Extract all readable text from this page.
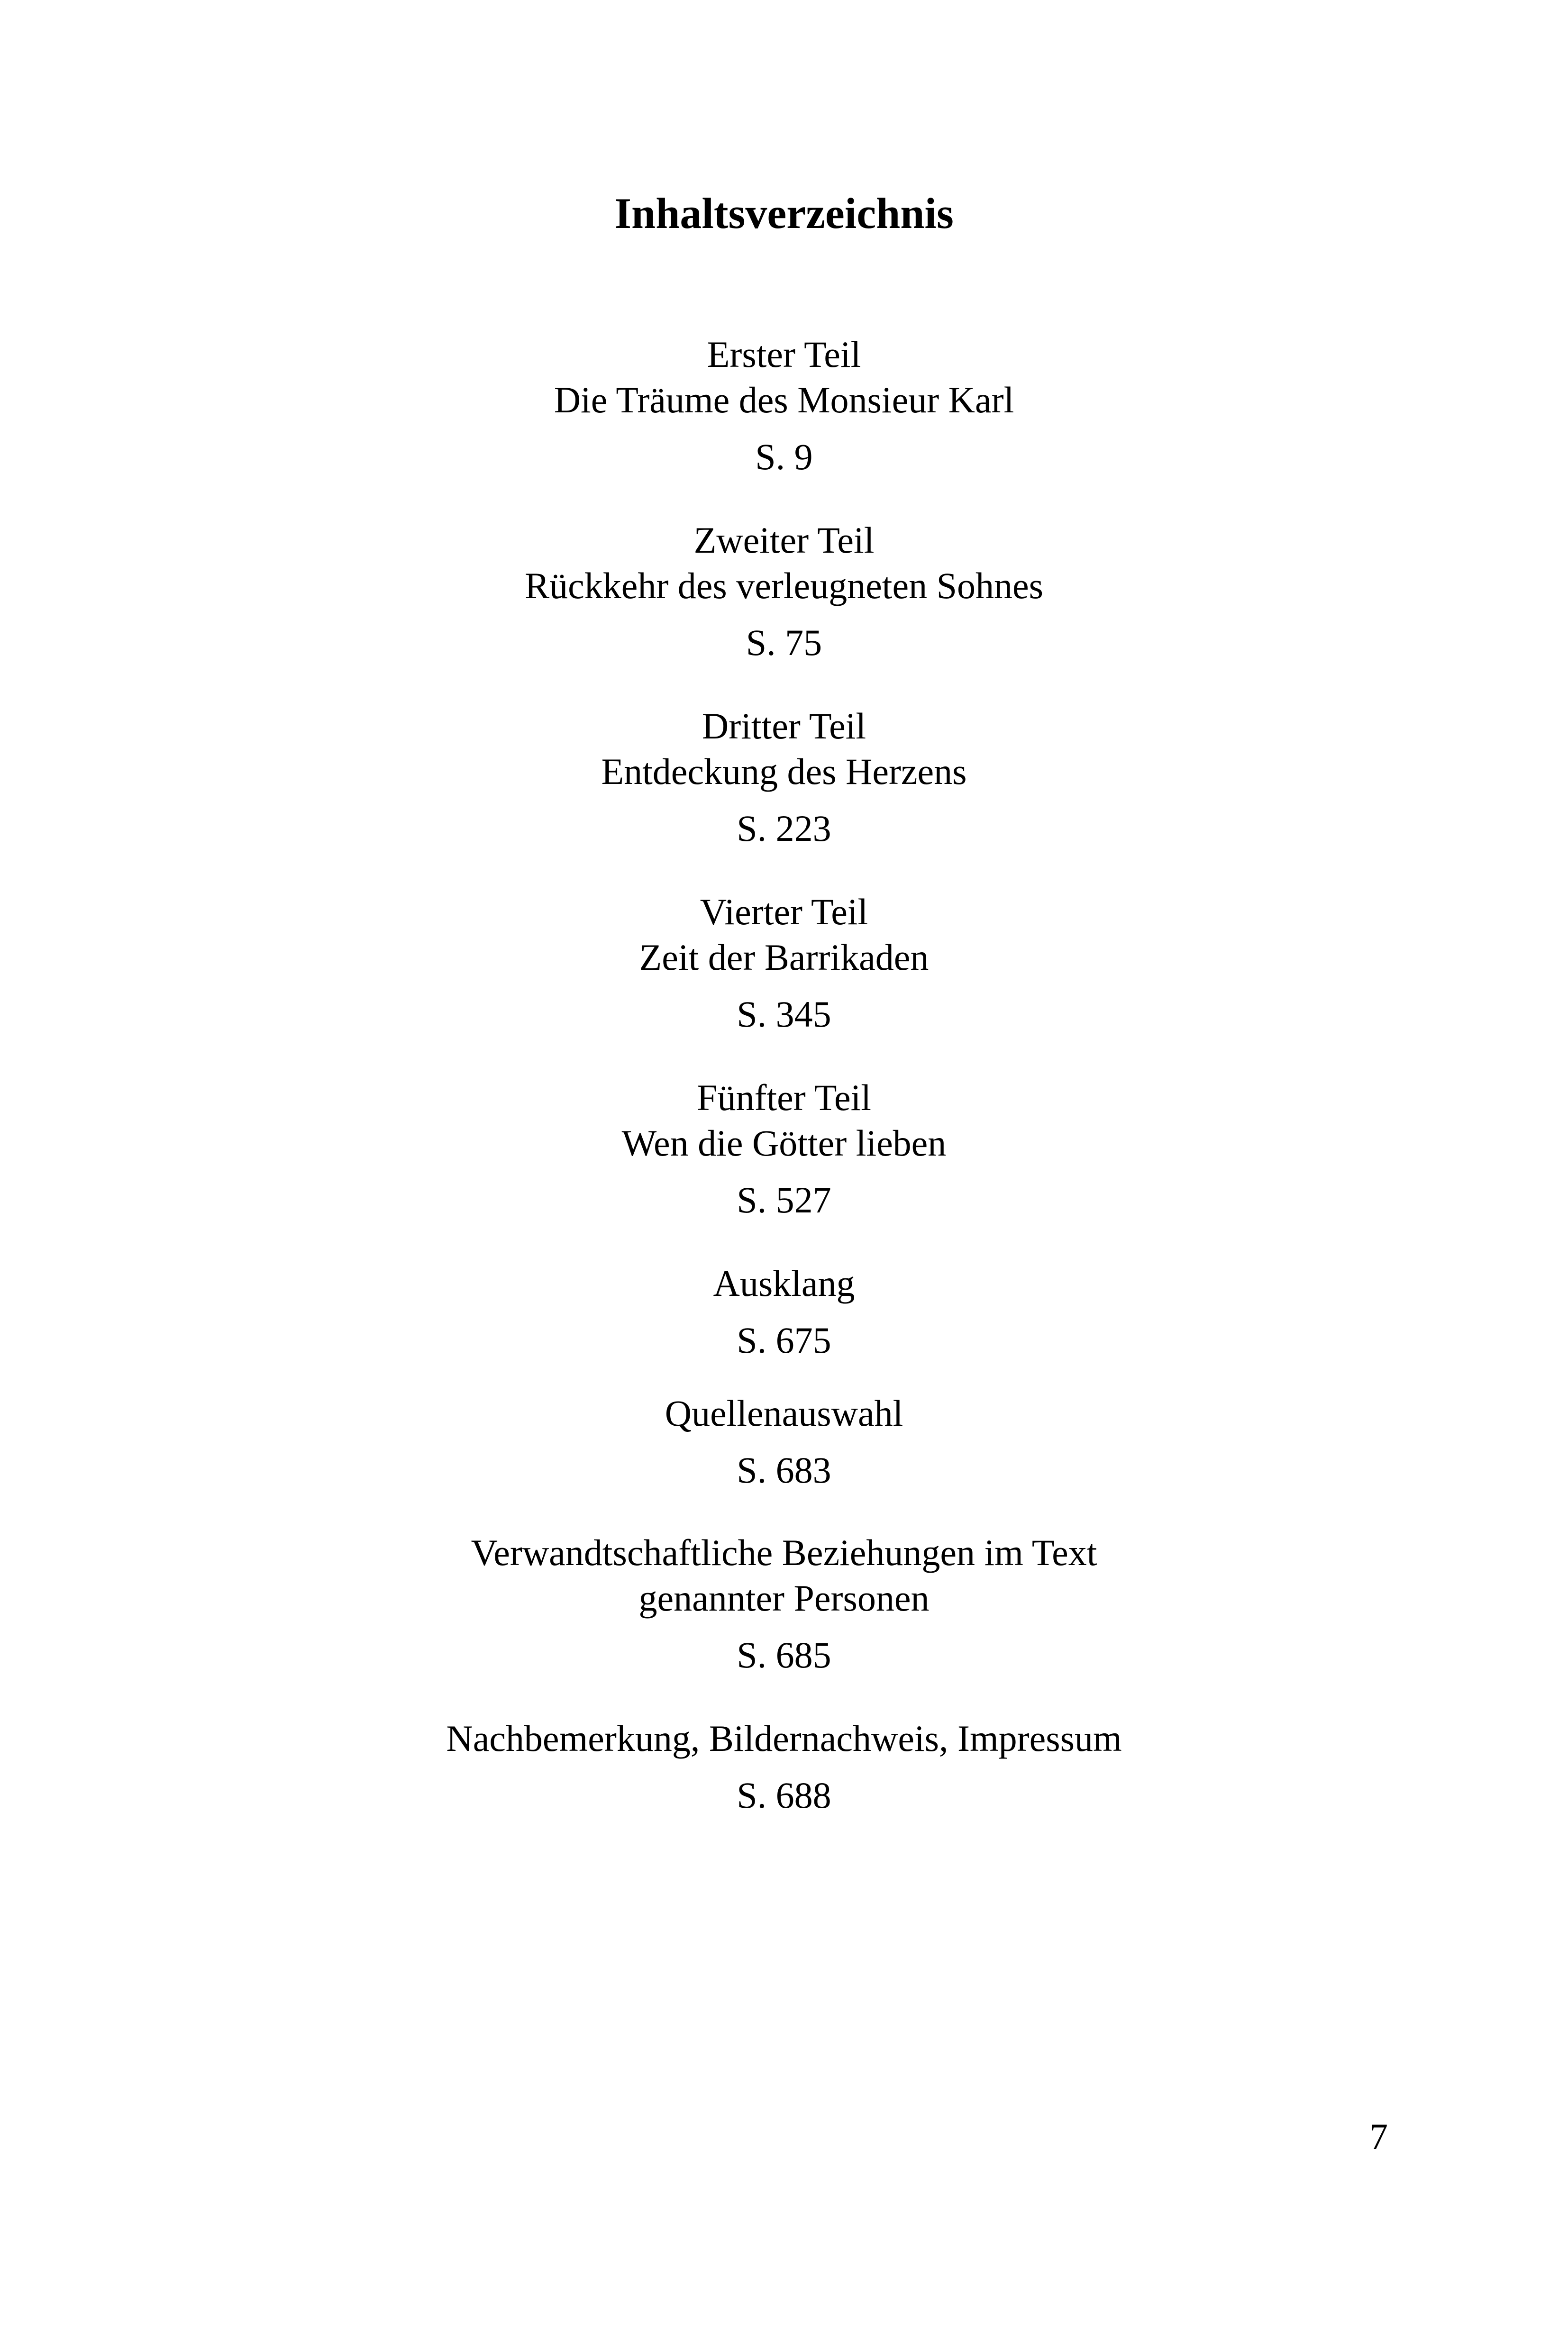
Inhaltsverzeichnis
Erster Teil
Die Träume des Monsieur Karl
S. 9
Zweiter Teil
Rückkehr des verleugneten Sohnes
S. 75
Dritter Teil
Entdeckung des Herzens
S. 223
Vierter Teil
Zeit der Barrikaden
S. 345
Fünfter Teil
Wen die Götter lieben
S. 527
Ausklang
S. 675
Quellenauswahl
S. 683
Verwandtschaftliche Beziehungen im Text
genannter Personen
S. 685
Nachbemerkung, Bildernachweis, Impressum
S. 688
7
